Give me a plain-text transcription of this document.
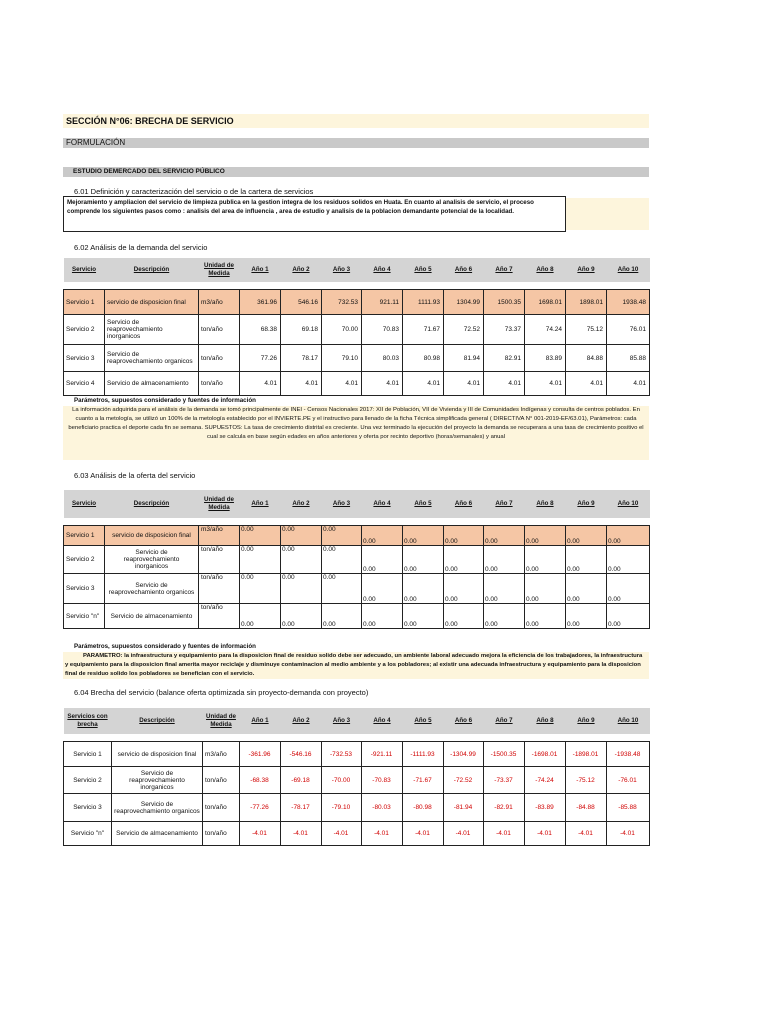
SECCIÓN N°06: BRECHA DE SERVICIO
FORMULACIÓN
ESTUDIO DEMERCADO DEL SERVICIO PÚBLICO
6.01 Definición y caracterización del servicio o de la cartera de servicios
Mejoramiento y ampliacion del servicio de limpieza publica en la gestion integra de los residuos solidos en Huata. En cuanto al analisis de servicio, el proceso comprende los siguientes pasos como : analisis del area de influencia , area de estudio y analisis de la poblacion demandante potencial de la localidad.
6.02 Análisis de la demanda del servicio
Servicio	Descripción	Unidad de Medida	Año 1	Año 2	Año 3	Año 4	Año 5	Año 6	Año 7	Año 8	Año 9	Año 10

Servicio 1	servicio de disposicion final	m3/año	361.96	546.16	732.53	921.11	1111.93	1304.99	1500.35	1698.01	1898.01	1938.48
Servicio 2	Servicio de reaprovechamiento inorganicos	ton/año	68.38	69.18	70.00	70.83	71.67	72.52	73.37	74.24	75.12	76.01
Servicio 3	Servicio de reaprovechamiento organicos	ton/año	77.26	78.17	79.10	80.03	80.98	81.94	82.91	83.89	84.88	85.88
Servicio 4	Servicio de almacenamiento	ton/año	4.01	4.01	4.01	4.01	4.01	4.01	4.01	4.01	4.01	4.01
Parámetros, supuestos considerado y fuentes de información
La información adquirida para el análisis de la demanda se tomó principalmente de INEI - Censos Nacionales 2017: XII de Población, VII de Vivienda y III de Comunidades Indígenas y consulta de centros poblados. En cuanto a la metología, se utilizó un 100% de la metología establecido por el INVIERTE.PE y el instructivo para llenado de la ficha Técnica simplificada general ( DIRECTIVA N° 001-2019-EF/63.01), Parámetros: cada beneficiario practica el deporte cada fin se semana. SUPUESTOS: La tasa de crecimiento distrital es creciente. Una vez terminado la ejecución del proyecto la demanda se recuperara a una tasa de crecimiento positivo el cual se calcula en base según edades en años anteriores y oferta por recinto deportivo (horas/semanales) y anual
6.03 Análisis de la oferta del servicio
Servicio	Descripción	Unidad de Medida	Año 1	Año 2	Año 3	Año 4	Año 5	Año 6	Año 7	Año 8	Año 9	Año 10

Servicio 1	servicio de disposicion final	m3/año	0.00	0.00	0.00	0.00	0.00	0.00	0.00	0.00	0.00	0.00
Servicio 2	Servicio de reaprovechamiento inorganicos	ton/año	0.00	0.00	0.00	0.00	0.00	0.00	0.00	0.00	0.00	0.00
Servicio 3	Servicio de reaprovechamiento organicos	ton/año	0.00	0.00	0.00	0.00	0.00	0.00	0.00	0.00	0.00	0.00
Servicio "n"	Servicio de almacenamiento	ton/año	0.00	0.00	0.00	0.00	0.00	0.00	0.00	0.00	0.00	0.00
Parámetros, supuestos considerado y fuentes de información
PARAMETRO: la infraestructura y equipamiento para la disposicion final de residuo solido debe ser adecuado, un ambiente laboral adecuado mejora la eficiencia de los trabajadores, la infraestructura y equipamiento para la disposicion final amerita mayor reciclaje y disminuye contaminacion al medio ambiente y a los pobladores; al existir una adecuada infraestructura y equipamiento para la disposicion final de residuo solido los pobladores se benefician con el servicio.
6.04 Brecha del servicio (balance oferta optimizada sin proyecto-demanda con proyecto)
Servicios con brecha	Descripción	Unidad de Medida	Año 1	Año 2	Año 3	Año 4	Año 5	Año 6	Año 7	Año 8	Año 9	Año 10

Servicio 1	servicio de disposicion final	m3/año	-361.96	-546.16	-732.53	-921.11	-1111.93	-1304.99	-1500.35	-1698.01	-1898.01	-1938.48
Servicio 2	Servicio de reaprovechamiento inorganicos	ton/año	-68.38	-69.18	-70.00	-70.83	-71.67	-72.52	-73.37	-74.24	-75.12	-76.01
Servicio 3	Servicio de reaprovechamiento organicos	ton/año	-77.26	-78.17	-79.10	-80.03	-80.98	-81.94	-82.91	-83.89	-84.88	-85.88
Servicio "n"	Servicio de almacenamiento	ton/año	-4.01	-4.01	-4.01	-4.01	-4.01	-4.01	-4.01	-4.01	-4.01	-4.01
